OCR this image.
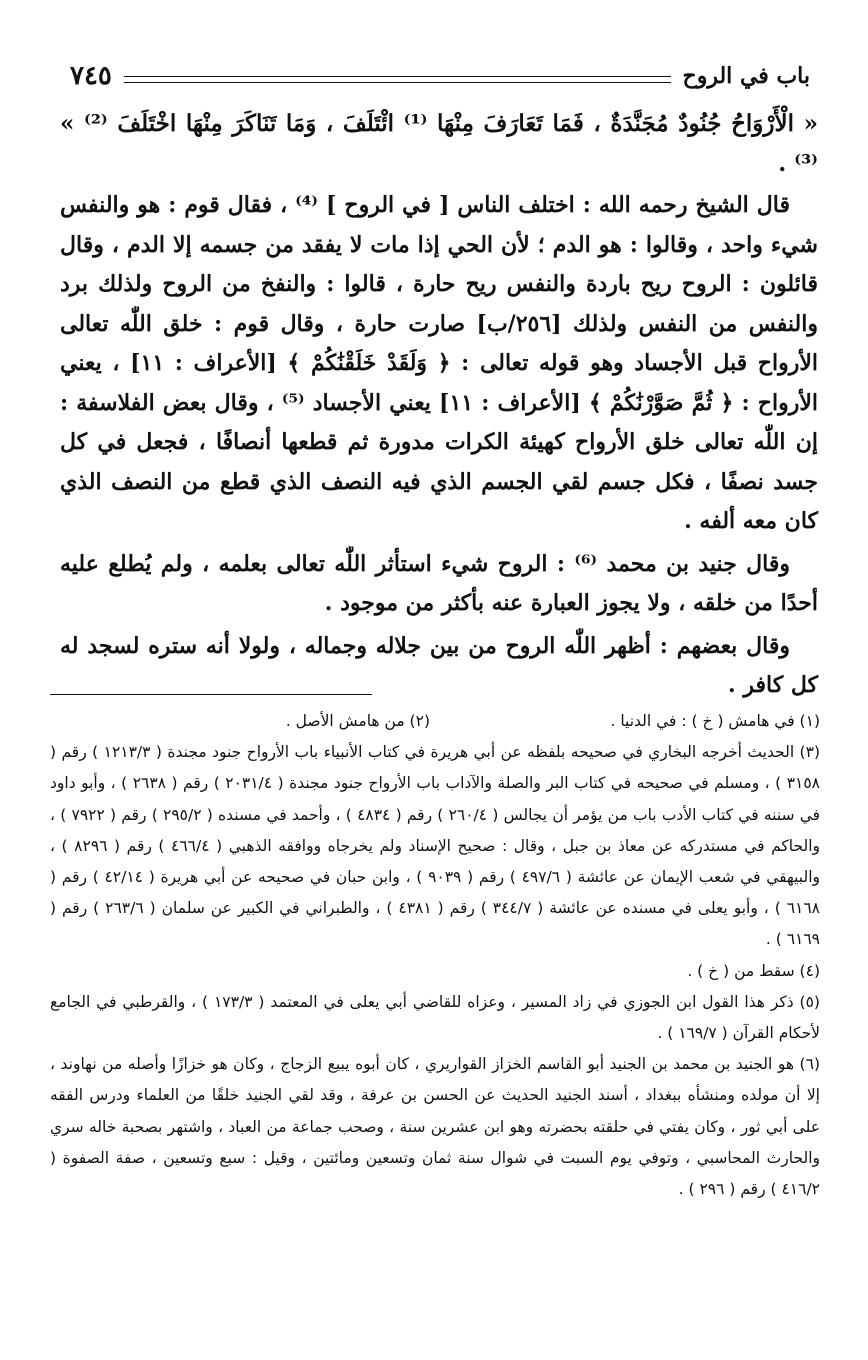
باب في الروح
٧٤٥

« الْأَرْوَاحُ جُنُودٌ مُجَنَّدَةٌ ، فَمَا تَعَارَفَ مِنْهَا ⁽¹⁾ ائْتَلَفَ ، وَمَا تَنَاكَرَ مِنْهَا اخْتَلَفَ ⁽²⁾ » ⁽³⁾ .

قال الشيخ رحمه الله : اختلف الناس [ في الروح ] ⁽⁴⁾ ، فقال قوم : هو والنفس شيء واحد ، وقالوا : هو الدم ؛ لأن الحي إذا مات لا يفقد من جسمه إلا الدم ، وقال قائلون : الروح ريح باردة والنفس ريح حارة ، قالوا : والنفخ من الروح ولذلك برد والنفس من النفس ولذلك [٢٥٦/ب] صارت حارة ، وقال قوم : خلق اللّٰه تعالى الأرواح قبل الأجساد وهو قوله تعالى : ﴿ وَلَقَدْ خَلَقْنَٰكُمْ ﴾ [الأعراف : ١١] ، يعني الأرواح : ﴿ ثُمَّ صَوَّرْنَٰكُمْ ﴾ [الأعراف : ١١] يعني الأجساد ⁽⁵⁾ ، وقال بعض الفلاسفة : إن اللّٰه تعالى خلق الأرواح كهيئة الكرات مدورة ثم قطعها أنصافًا ، فجعل في كل جسد نصفًا ، فكل جسم لقي الجسم الذي فيه النصف الذي قطع من النصف الذي كان معه ألفه .

وقال جنيد بن محمد ⁽⁶⁾ : الروح شيء استأثر اللّٰه تعالى بعلمه ، ولم يُطلع عليه أحدًا من خلقه ، ولا يجوز العبارة عنه بأكثر من موجود .

وقال بعضهم : أظهر اللّٰه الروح من بين جلاله وجماله ، ولولا أنه ستره لسجد له كل كافر .

(١) في هامش ( خ ) : في الدنيا .
(٢) من هامش الأصل .

(٣) الحديث أخرجه البخاري في صحيحه بلفظه عن أبي هريرة في كتاب الأنبياء باب الأرواح جنود مجندة ( ١٢١٣/٣ ) رقم ( ٣١٥٨ ) ، ومسلم في صحيحه في كتاب البر والصلة والآداب باب الأرواح جنود مجندة ( ٢٠٣١/٤ ) رقم ( ٢٦٣٨ ) ، وأبو داود في سننه في كتاب الأدب باب من يؤمر أن يجالس ( ٢٦٠/٤ ) رقم ( ٤٨٣٤ ) ، وأحمد في مسنده ( ٢٩٥/٢ ) رقم ( ٧٩٢٢ ) ، والحاكم في مستدركه عن معاذ بن جبل ، وقال : صحيح الإسناد ولم يخرجاه ووافقه الذهبي ( ٤٦٦/٤ ) رقم ( ٨٢٩٦ ) ، والبيهقي في شعب الإيمان عن عائشة ( ٤٩٧/٦ ) رقم ( ٩٠٣٩ ) ، وابن حبان في صحيحه عن أبي هريرة ( ٤٢/١٤ ) رقم ( ٦١٦٨ ) ، وأبو يعلى في مسنده عن عائشة ( ٣٤٤/٧ ) رقم ( ٤٣٨١ ) ، والطبراني في الكبير عن سلمان ( ٢٦٣/٦ ) رقم ( ٦١٦٩ ) .

(٤) سقط من ( خ ) .

(٥) ذكر هذا القول ابن الجوزي في زاد المسير ، وعزاه للقاضي أبي يعلى في المعتمد ( ١٧٣/٣ ) ، والقرطبي في الجامع لأحكام القرآن ( ١٦٩/٧ ) .

(٦) هو الجنيد بن محمد بن الجنيد أبو القاسم الخزاز القواريري ، كان أبوه يبيع الزجاج ، وكان هو خزازًا وأصله من نهاوند ، إلا أن مولده ومنشأه ببغداد ، أسند الجنيد الحديث عن الحسن بن عرفة ، وقد لقي الجنيد خلقًا من العلماء ودرس الفقه على أبي ثور ، وكان يفتي في حلقته بحضرته وهو ابن عشرين سنة ، وصحب جماعة من العباد ، واشتهر بصحبة خاله سري والحارث المحاسبي ، وتوفي يوم السبت في شوال سنة ثمان وتسعين ومائتين ، وقيل : سبع وتسعين ، صفة الصفوة ( ٤١٦/٢ ) رقم ( ٢٩٦ ) .
